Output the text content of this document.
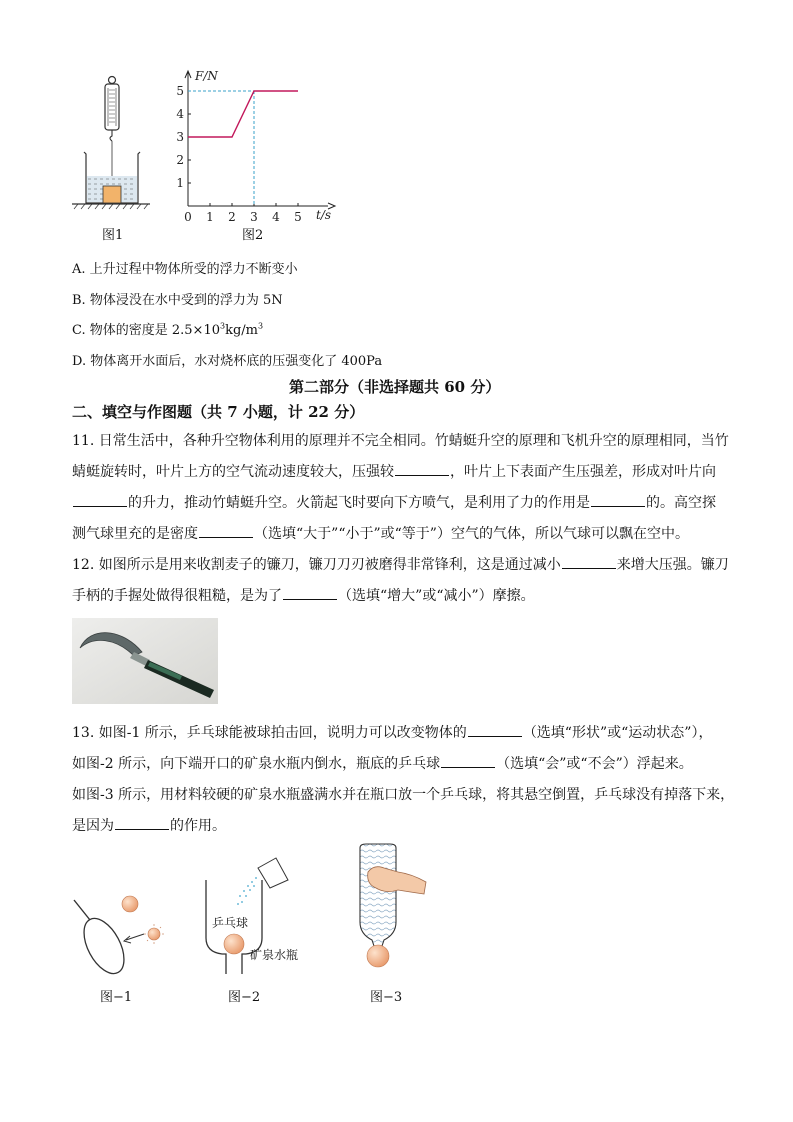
图1
F/N
t/s
1
2
3
4
5
0 1 2 3 4 5
图2
A. 上升过程中物体所受的浮力不断变小
B. 物体浸没在水中受到的浮力为 5N
C. 物体的密度是 $2.5\times 10^3kg/m^3$
D. 物体离开水面后，水对烧杯底的压强变化了 400Pa
第二部分（非选择题共 60 分）
二、填空与作图题（共 7 小题，计 22 分）
11. 日常生活中，各种升空物体利用的原理并不完全相同。竹蜻蜓升空的原理和飞机升空的原理相同，当竹
蜻蜓旋转时，叶片上方的空气流动速度较大，压强较	，叶片上下表面产生压强差，形成对叶片向
的升力，推动竹蜻蜓升空。火箭起飞时要向下方喷气，是利用了力的作用是	的。高空探
测气球里充的是密度	（选填“大于”“小于”或“等于”）空气的气体，所以气球可以飘在空中。
12. 如图所示是用来收割麦子的镰刀，镰刀刀刃被磨得非常锋利，这是通过减小	来增大压强。镰刀
手柄的手握处做得很粗糙，是为了	（选填“增大”或“减小”）摩擦。
13. 如图-1 所示，乒乓球能被球拍击回，说明力可以改变物体的	（选填“形状”或“运动状态”），
如图-2 所示，向下端开口的矿泉水瓶内倒水，瓶底的乒乓球	（选填“会”或“不会”）浮起来。
如图-3 所示，用材料较硬的矿泉水瓶盛满水并在瓶口放一个乒乓球，将其悬空倒置，乒乓球没有掉落下来，
是因为	的作用。
图−1
乒乓球
矿泉水瓶
图−2	图−3
